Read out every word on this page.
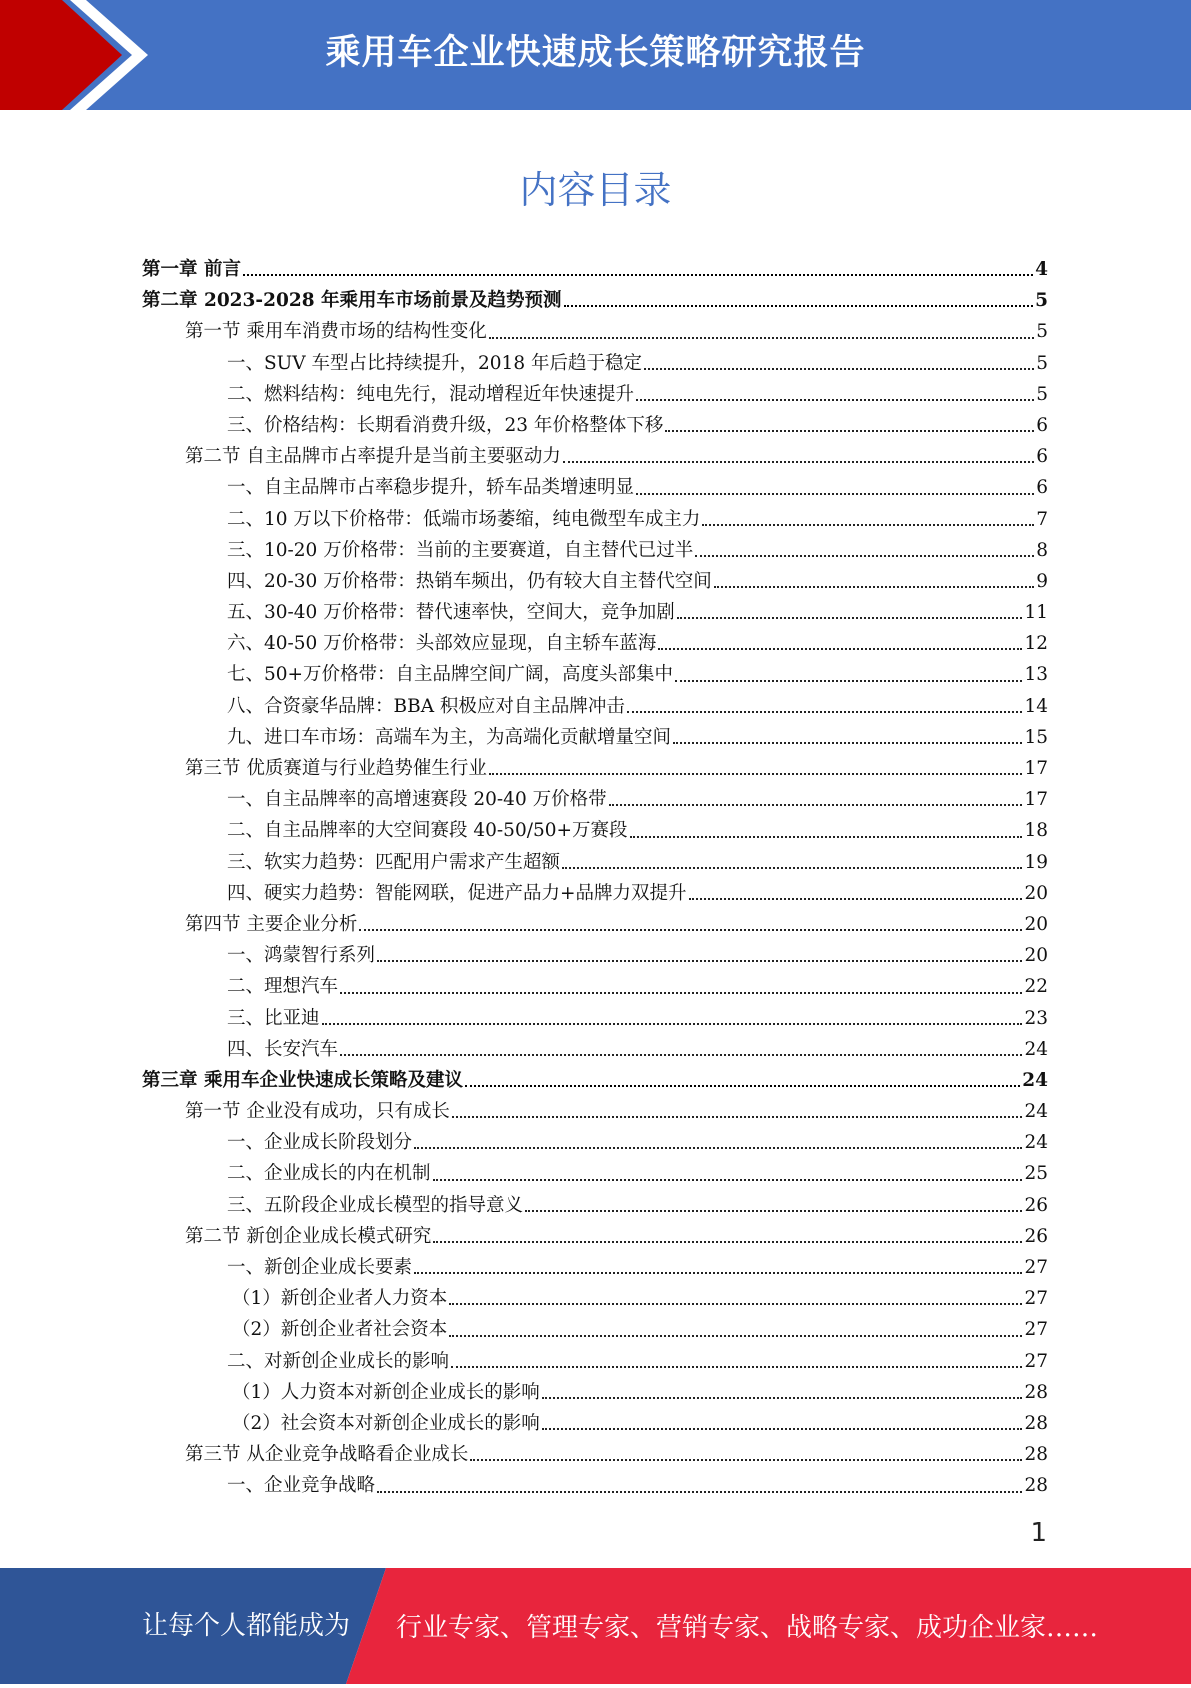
乘用车企业快速成长策略研究报告
内容目录
第一章 前言	4
第二章 2023-2028 年乘用车市场前景及趋势预测	5
第一节 乘用车消费市场的结构性变化	5
一、SUV 车型占比持续提升，2018 年后趋于稳定	5
二、燃料结构：纯电先行，混动增程近年快速提升	5
三、价格结构：长期看消费升级，23 年价格整体下移	6
第二节 自主品牌市占率提升是当前主要驱动力	6
一、自主品牌市占率稳步提升，轿车品类增速明显	6
二、10 万以下价格带：低端市场萎缩，纯电微型车成主力	7
三、10-20 万价格带：当前的主要赛道，自主替代已过半	8
四、20-30 万价格带：热销车频出，仍有较大自主替代空间	9
五、30-40 万价格带：替代速率快，空间大，竞争加剧	11
六、40-50 万价格带：头部效应显现，自主轿车蓝海	12
七、50+万价格带：自主品牌空间广阔，高度头部集中	13
八、合资豪华品牌：BBA 积极应对自主品牌冲击	14
九、进口车市场：高端车为主，为高端化贡献增量空间	15
第三节 优质赛道与行业趋势催生行业	17
一、自主品牌率的高增速赛段 20-40 万价格带	17
二、自主品牌率的大空间赛段 40-50/50+万赛段	18
三、软实力趋势：匹配用户需求产生超额	19
四、硬实力趋势：智能网联，促进产品力+品牌力双提升	20
第四节 主要企业分析	20
一、鸿蒙智行系列	20
二、理想汽车	22
三、比亚迪	23
四、长安汽车	24
第三章 乘用车企业快速成长策略及建议	24
第一节 企业没有成功，只有成长	24
一、企业成长阶段划分	24
二、企业成长的内在机制	25
三、五阶段企业成长模型的指导意义	26
第二节 新创企业成长模式研究	26
一、新创企业成长要素	27
（1）新创企业者人力资本	27
（2）新创企业者社会资本	27
二、对新创企业成长的影响	27
（1）人力资本对新创企业成长的影响	28
（2）社会资本对新创企业成长的影响	28
第三节 从企业竞争战略看企业成长	28
一、企业竞争战略	28
1
让每个人都能成为 行业专家、管理专家、营销专家、战略专家、成功企业家……
